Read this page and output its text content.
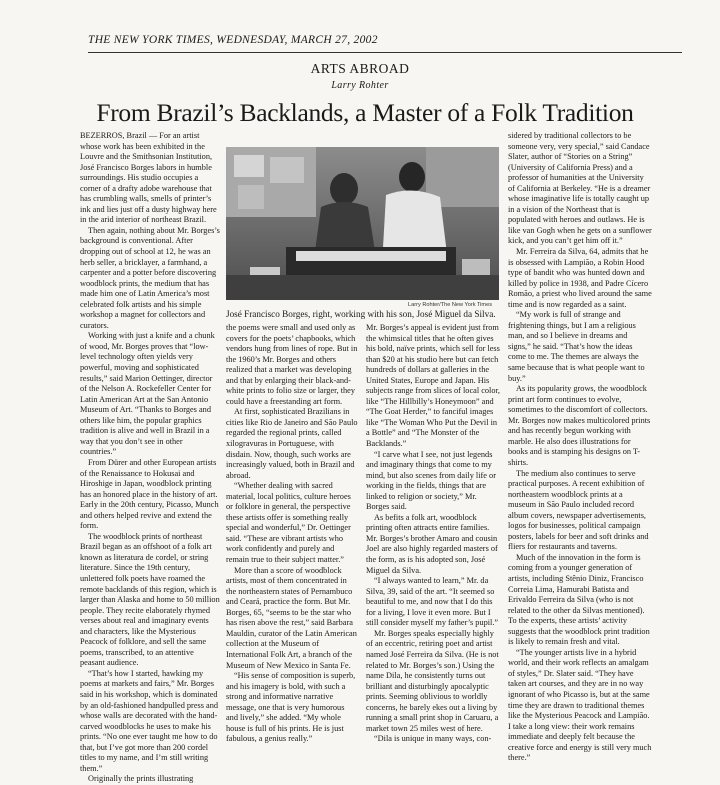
THE NEW YORK TIMES, WEDNESDAY, MARCH 27, 2002
ARTS ABROAD
Larry Rohter
From Brazil’s Backlands, a Master of a Folk Tradition

BEZERROS, Brazil — For an artist whose work has been exhibited in the Louvre and the Smithsonian Institution, José Francisco Borges labors in humble surroundings. His studio occupies a corner of a drafty adobe warehouse that has crumbling walls, smells of printer’s ink and lies just off a dusty highway here in the arid interior of northeast Brazil.

Then again, nothing about Mr. Borges’s background is conventional. After dropping out of school at 12, he was an herb seller, a bricklayer, a farmhand, a carpenter and a potter before discovering woodblock prints, the medium that has made him one of Latin America’s most celebrated folk artists and his simple workshop a magnet for collectors and curators.

Working with just a knife and a chunk of wood, Mr. Borges proves that “low-level technology often yields very powerful, moving and sophisticated results,” said Marion Oettinger, director of the Nelson A. Rockefeller Center for Latin American Art at the San Antonio Museum of Art. “Thanks to Borges and others like him, the popular graphics tradition is alive and well in Brazil in a way that you don’t see in other countries.”

From Dürer and other European artists of the Renaissance to Hokusai and Hiroshige in Japan, woodblock printing has an honored place in the history of art. Early in the 20th century, Picasso, Munch and others helped revive and extend the form.

The woodblock prints of northeast Brazil began as an offshoot of a folk art known as literatura de cordel, or string literature. Since the 19th century, unlettered folk poets have roamed the remote backlands of this region, which is larger than Alaska and home to 50 million people. They recite elaborately rhymed verses about real and imaginary events and characters, like the Mysterious Peacock of folklore, and sell the same poems, transcribed, to an attentive peasant audience.

“That’s how I started, hawking my poems at markets and fairs,” Mr. Borges said in his workshop, which is dominated by an old-fashioned handpulled press and whose walls are decorated with the hand-carved woodblocks he uses to make his prints. “No one ever taught me how to do that, but I’ve got more than 200 cordel titles to my name, and I’m still writing them.”

Originally the prints illustrating

Larry Rohter/The New York Times
José Francisco Borges, right, working with his son, José Miguel da Silva.

the poems were small and used only as covers for the poets’ chapbooks, which vendors hung from lines of rope. But in the 1960’s Mr. Borges and others realized that a market was developing and that by enlarging their black-and-white prints to folio size or larger, they could have a freestanding art form.

At first, sophisticated Brazilians in cities like Rio de Janeiro and São Paulo regarded the regional prints, called xilogravuras in Portuguese, with disdain. Now, though, such works are increasingly valued, both in Brazil and abroad.

“Whether dealing with sacred material, local politics, culture heroes or folklore in general, the perspective these artists offer is something really special and wonderful,” Dr. Oettinger said. “These are vibrant artists who work confidently and purely and remain true to their subject matter.”

More than a score of woodblock artists, most of them concentrated in the northeastern states of Pernambuco and Ceará, practice the form. But Mr. Borges, 65, “seems to be the star who has risen above the rest,” said Barbara Mauldin, curator of the Latin American collection at the Museum of International Folk Art, a branch of the Museum of New Mexico in Santa Fe.

“His sense of composition is superb, and his imagery is bold, with such a strong and informative narrative message, one that is very humorous and lively,” she added. “My whole house is full of his prints. He is just fabulous, a genius really.”

Mr. Borges’s appeal is evident just from the whimsical titles that he often gives his bold, naïve prints, which sell for less than $20 at his studio here but can fetch hundreds of dollars at galleries in the United States, Europe and Japan. His subjects range from slices of local color, like “The Hillbilly’s Honeymoon” and “The Goat Herder,” to fanciful images like “The Woman Who Put the Devil in a Bottle” and “The Monster of the Backlands.”

“I carve what I see, not just legends and imaginary things that come to my mind, but also scenes from daily life or working in the fields, things that are linked to religion or society,” Mr. Borges said.

As befits a folk art, woodblock printing often attracts entire families. Mr. Borges’s brother Amaro and cousin Joel are also highly regarded masters of the form, as is his adopted son, José Miguel da Silva.

“I always wanted to learn,” Mr. da Silva, 39, said of the art. “It seemed so beautiful to me, and now that I do this for a living, I love it even more. But I still consider myself my father’s pupil.”

Mr. Borges speaks especially highly of an eccentric, retiring poet and artist named José Ferreira da Silva. (He is not related to Mr. Borges’s son.) Using the name Dila, he consistently turns out brilliant and disturbingly apocalyptic prints. Seeming oblivious to worldly concerns, he barely ekes out a living by running a small print shop in Caruaru, a market town 25 miles west of here.

“Dila is unique in many ways, con-

sidered by traditional collectors to be someone very, very special,” said Candace Slater, author of “Stories on a String” (University of California Press) and a professor of humanities at the University of California at Berkeley. “He is a dreamer whose imaginative life is totally caught up in a vision of the Northeast that is populated with heroes and outlaws. He is like van Gogh when he gets on a sunflower kick, and you can’t get him off it.”

Mr. Ferreira da Silva, 64, admits that he is obsessed with Lampião, a Robin Hood type of bandit who was hunted down and killed by police in 1938, and Padre Cícero Romão, a priest who lived around the same time and is now regarded as a saint.

“My work is full of strange and frightening things, but I am a religious man, and so I believe in dreams and signs,” he said. “That’s how the ideas come to me. The themes are always the same because that is what people want to buy.”

As its popularity grows, the woodblock print art form continues to evolve, sometimes to the discomfort of collectors. Mr. Borges now makes multicolored prints and has recently begun working with marble. He also does illustrations for books and is stamping his designs on T-shirts.

The medium also continues to serve practical purposes. A recent exhibition of northeastern woodblock prints at a museum in São Paulo included record album covers, newspaper advertisements, logos for businesses, political campaign posters, labels for beer and soft drinks and fliers for restaurants and taverns.

Much of the innovation in the form is coming from a younger generation of artists, including Stênio Diniz, Francisco Correia Lima, Hamurabi Batista and Erivaldo Ferreira da Silva (who is not related to the other da Silvas mentioned). To the experts, these artists’ activity suggests that the woodblock print tradition is likely to remain fresh and vital.

“The younger artists live in a hybrid world, and their work reflects an amalgam of styles,” Dr. Slater said. “They have taken art courses, and they are in no way ignorant of who Picasso is, but at the same time they are drawn to traditional themes like the Mysterious Peacock and Lampião. I take a long view: their work remains immediate and deeply felt because the creative force and energy is still very much there.”
